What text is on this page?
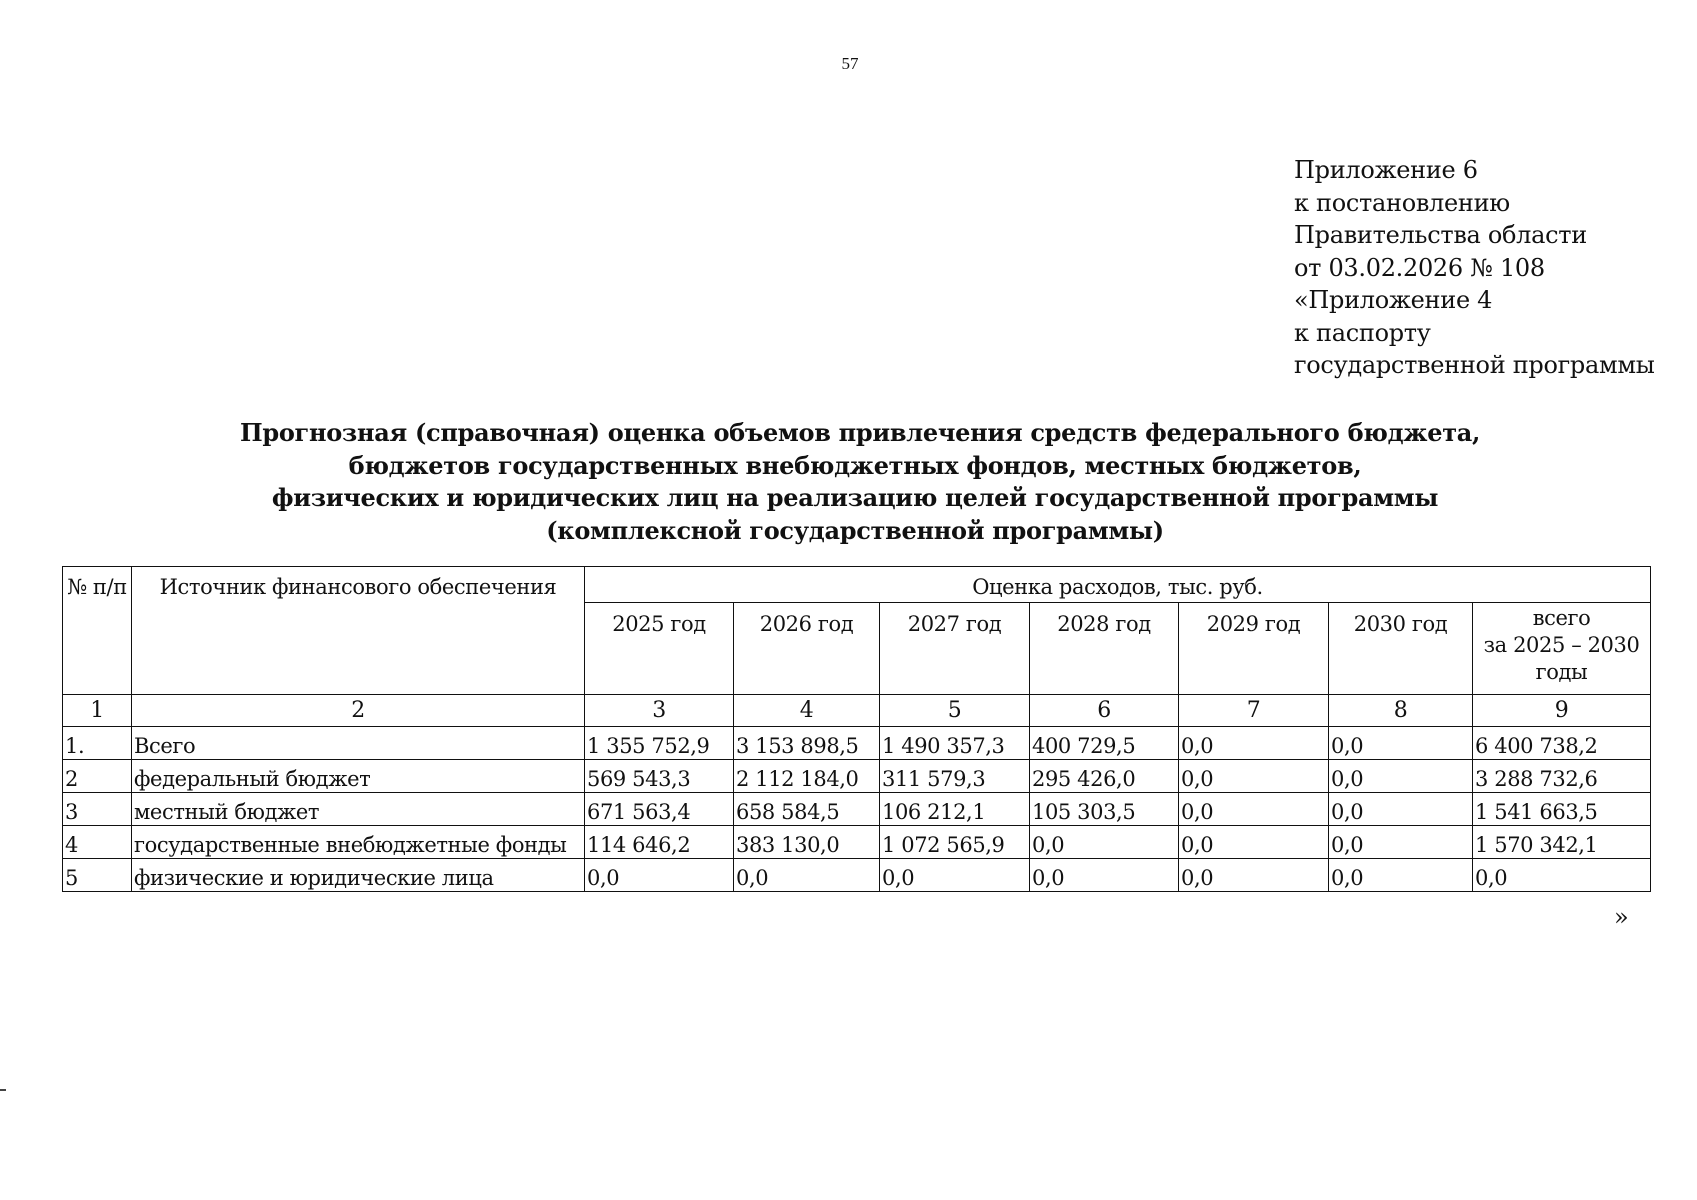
57
Приложение 6
к постановлению
Правительства области
от 03.02.2026 № 108
«Приложение 4
к паспорту
государственной программы
Прогнозная (справочная) оценка объемов привлечения средств федерального бюджета,
бюджетов государственных внебюджетных фондов, местных бюджетов,
физических и юридических лиц на реализацию целей государственной программы
(комплексной государственной программы)
№ п/п	Источник финансового обеспечения	Оценка расходов, тыс. руб.						
		2025 год	2026 год	2027 год	2028 год	2029 год	2030 год	всего
за 2025 – 2030
годы

1	2	3	4	5	6	7	8	9
1.	Всего	1 355 752,9	3 153 898,5	1 490 357,3	400 729,5	0,0	0,0	6 400 738,2
2	федеральный бюджет	569 543,3	2 112 184,0	311 579,3	295 426,0	0,0	0,0	3 288 732,6
3	местный бюджет	671 563,4	658 584,5	106 212,1	105 303,5	0,0	0,0	1 541 663,5
4	государственные внебюджетные фонды	114 646,2	383 130,0	1 072 565,9	0,0	0,0	0,0	1 570 342,1
5	физические и юридические лица	0,0	0,0	0,0	0,0	0,0	0,0	0,0
»
